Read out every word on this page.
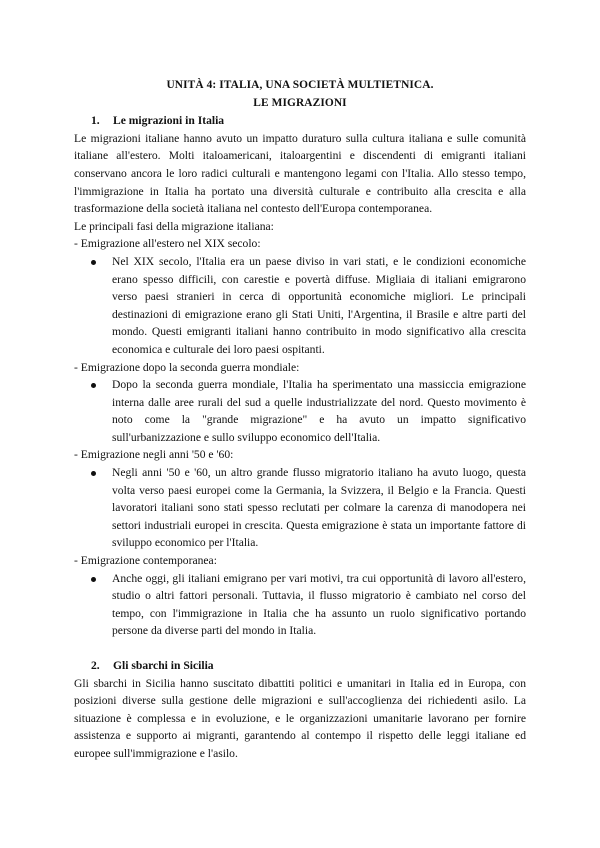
UNITÀ 4: ITALIA, UNA SOCIETÀ MULTIETNICA.
LE MIGRAZIONI
1. Le migrazioni in Italia
Le migrazioni italiane hanno avuto un impatto duraturo sulla cultura italiana e sulle comunità italiane all'estero. Molti italoamericani, italoargentini e discendenti di emigranti italiani conservano ancora le loro radici culturali e mantengono legami con l'Italia. Allo stesso tempo, l'immigrazione in Italia ha portato una diversità culturale e contribuito alla crescita e alla trasformazione della società italiana nel contesto dell'Europa contemporanea.
Le principali fasi della migrazione italiana:
- Emigrazione all'estero nel XIX secolo:
Nel XIX secolo, l'Italia era un paese diviso in vari stati, e le condizioni economiche erano spesso difficili, con carestie e povertà diffuse. Migliaia di italiani emigrarono verso paesi stranieri in cerca di opportunità economiche migliori. Le principali destinazioni di emigrazione erano gli Stati Uniti, l'Argentina, il Brasile e altre parti del mondo. Questi emigranti italiani hanno contribuito in modo significativo alla crescita economica e culturale dei loro paesi ospitanti.
- Emigrazione dopo la seconda guerra mondiale:
Dopo la seconda guerra mondiale, l'Italia ha sperimentato una massiccia emigrazione interna dalle aree rurali del sud a quelle industrializzate del nord. Questo movimento è noto come la "grande migrazione" e ha avuto un impatto significativo sull'urbanizzazione e sullo sviluppo economico dell'Italia.
- Emigrazione negli anni '50 e '60:
Negli anni '50 e '60, un altro grande flusso migratorio italiano ha avuto luogo, questa volta verso paesi europei come la Germania, la Svizzera, il Belgio e la Francia. Questi lavoratori italiani sono stati spesso reclutati per colmare la carenza di manodopera nei settori industriali europei in crescita. Questa emigrazione è stata un importante fattore di sviluppo economico per l'Italia.
- Emigrazione contemporanea:
Anche oggi, gli italiani emigrano per vari motivi, tra cui opportunità di lavoro all'estero, studio o altri fattori personali. Tuttavia, il flusso migratorio è cambiato nel corso del tempo, con l'immigrazione in Italia che ha assunto un ruolo significativo portando persone da diverse parti del mondo in Italia.
2. Gli sbarchi in Sicilia
Gli sbarchi in Sicilia hanno suscitato dibattiti politici e umanitari in Italia ed in Europa, con posizioni diverse sulla gestione delle migrazioni e sull'accoglienza dei richiedenti asilo. La situazione è complessa e in evoluzione, e le organizzazioni umanitarie lavorano per fornire assistenza e supporto ai migranti, garantendo al contempo il rispetto delle leggi italiane ed europee sull'immigrazione e l'asilo.
